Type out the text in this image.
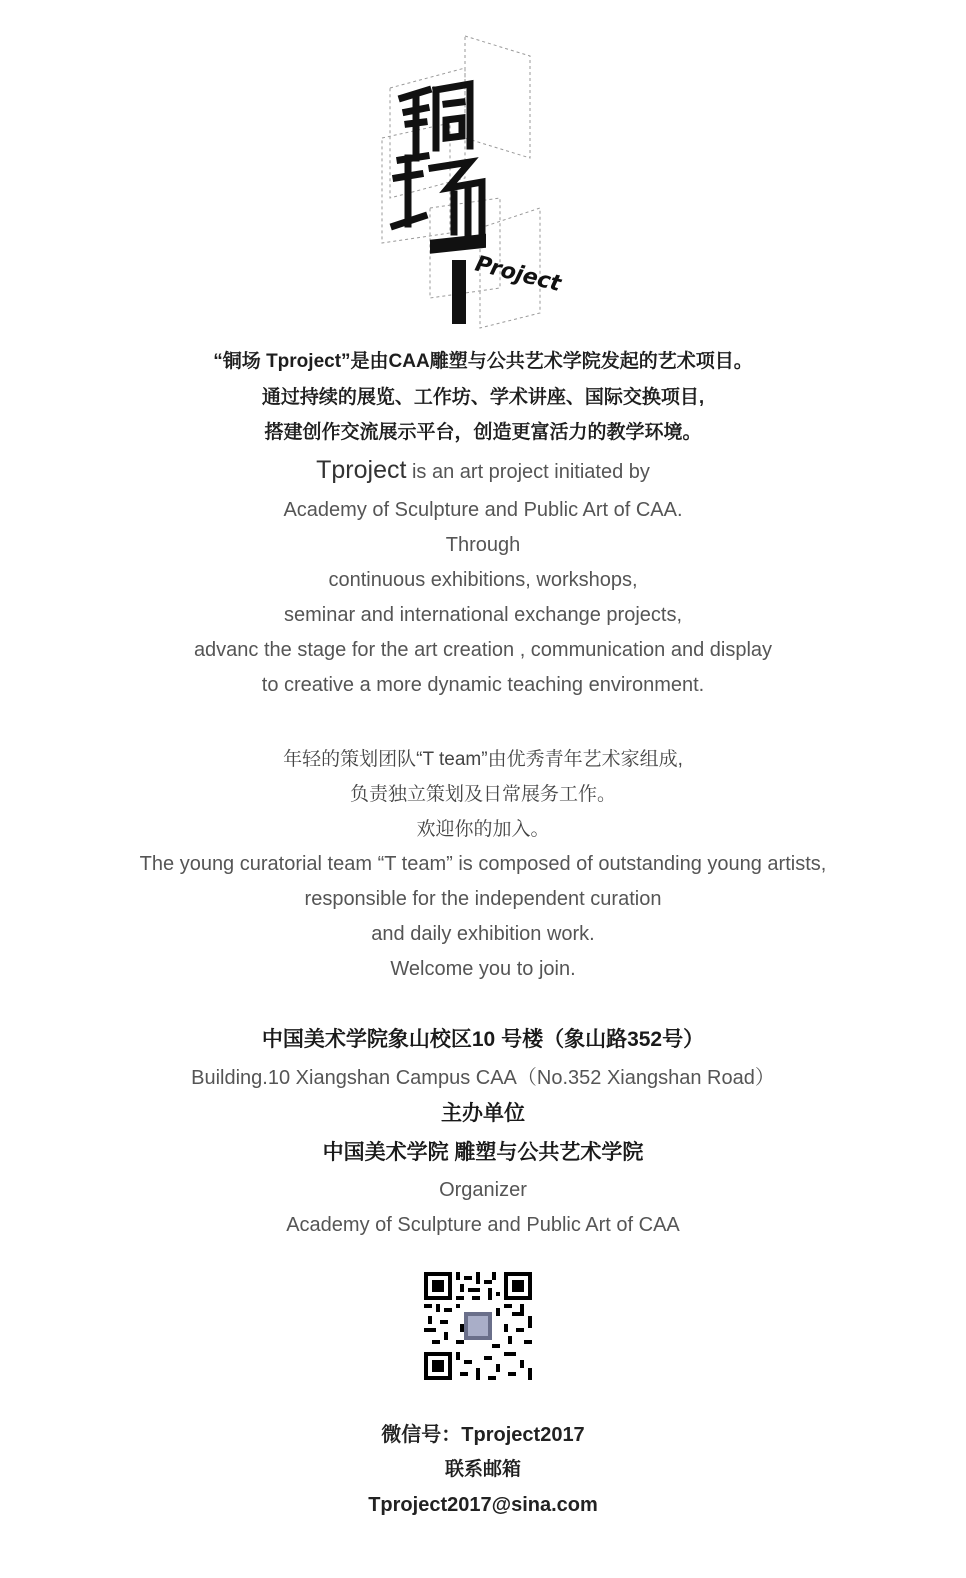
Project
“铜场 Tproject”是由CAA雕塑与公共艺术学院发起的艺术项目。
通过持续的展览、工作坊、学术讲座、国际交换项目,
搭建创作交流展示平台，创造更富活力的教学环境。
Tproject is an art project initiated by
Academy of Sculpture and Public Art of CAA.
Through
continuous exhibitions, workshops,
seminar and international exchange projects,
advanc the stage for the art creation , communication and display
to creative a more dynamic teaching environment.
年轻的策划团队“T team”由优秀青年艺术家组成,
负责独立策划及日常展务工作。
欢迎你的加入。
The young curatorial team “T team” is composed of outstanding young artists,
responsible for the independent curation
and daily exhibition work.
Welcome you to join.
中国美术学院象山校区10 号楼（象山路352号）
Building.10 Xiangshan Campus CAA（No.352 Xiangshan Road）
主办单位
中国美术学院 雕塑与公共艺术学院
Organizer
Academy of Sculpture and Public Art of CAA
微信号：Tproject2017
联系邮箱
Tproject2017@sina.com
